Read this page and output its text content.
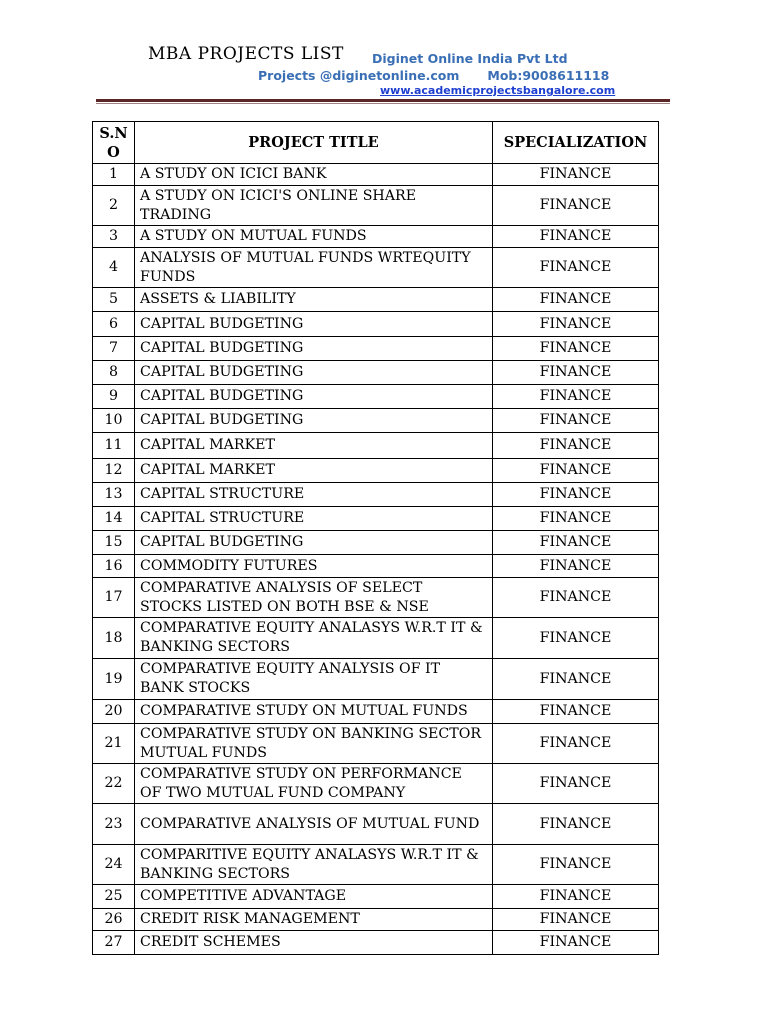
MBA PROJECTS LIST Diginet Online India Pvt Ltd
Projects @diginetonline.com Mob:9008611118
www.academicprojectsbangalore.com
S.N O	PROJECT TITLE	SPECIALIZATION
1	A STUDY ON ICICI BANK	FINANCE
2	A STUDY ON ICICI'S ONLINE SHARE TRADING	FINANCE
3	A STUDY ON MUTUAL FUNDS	FINANCE
4	ANALYSIS OF MUTUAL FUNDS WRTEQUITY FUNDS	FINANCE
5	ASSETS & LIABILITY	FINANCE
6	CAPITAL BUDGETING	FINANCE
7	CAPITAL BUDGETING	FINANCE
8	CAPITAL BUDGETING	FINANCE
9	CAPITAL BUDGETING	FINANCE
10	CAPITAL BUDGETING	FINANCE
11	CAPITAL MARKET	FINANCE
12	CAPITAL MARKET	FINANCE
13	CAPITAL STRUCTURE	FINANCE
14	CAPITAL STRUCTURE	FINANCE
15	CAPITAL BUDGETING	FINANCE
16	COMMODITY FUTURES	FINANCE
17	COMPARATIVE ANALYSIS OF SELECT STOCKS LISTED ON BOTH BSE & NSE	FINANCE
18	COMPARATIVE EQUITY ANALASYS W.R.T IT & BANKING SECTORS	FINANCE
19	COMPARATIVE EQUITY ANALYSIS OF IT BANK STOCKS	FINANCE
20	COMPARATIVE STUDY ON MUTUAL FUNDS	FINANCE
21	COMPARATIVE STUDY ON BANKING SECTOR MUTUAL FUNDS	FINANCE
22	COMPARATIVE STUDY ON PERFORMANCE OF TWO MUTUAL FUND COMPANY	FINANCE
23	COMPARATIVE ANALYSIS OF MUTUAL FUND	FINANCE
24	COMPARITIVE EQUITY ANALASYS W.R.T IT & BANKING SECTORS	FINANCE
25	COMPETITIVE ADVANTAGE	FINANCE
26	CREDIT RISK MANAGEMENT	FINANCE
27	CREDIT SCHEMES	FINANCE
